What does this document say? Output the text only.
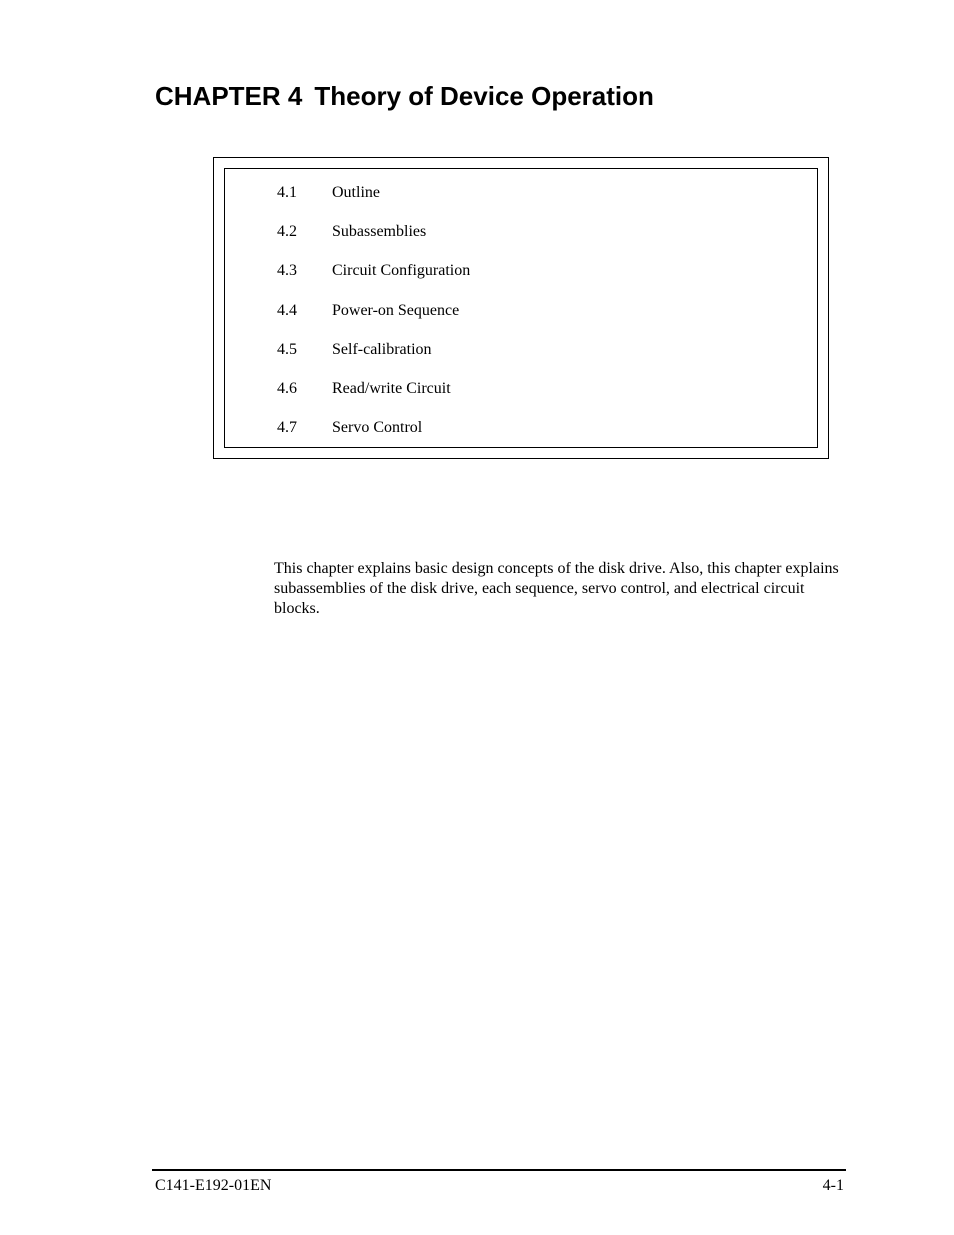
CHAPTER 4 Theory of Device Operation
4.1 Outline
4.2 Subassemblies
4.3 Circuit Configuration
4.4 Power-on Sequence
4.5 Self-calibration
4.6 Read/write Circuit
4.7 Servo Control

This chapter explains basic design concepts of the disk drive. Also, this chapter explains subassemblies of the disk drive, each sequence, servo control, and electrical circuit blocks.

C141-E192-01EN	4-1
